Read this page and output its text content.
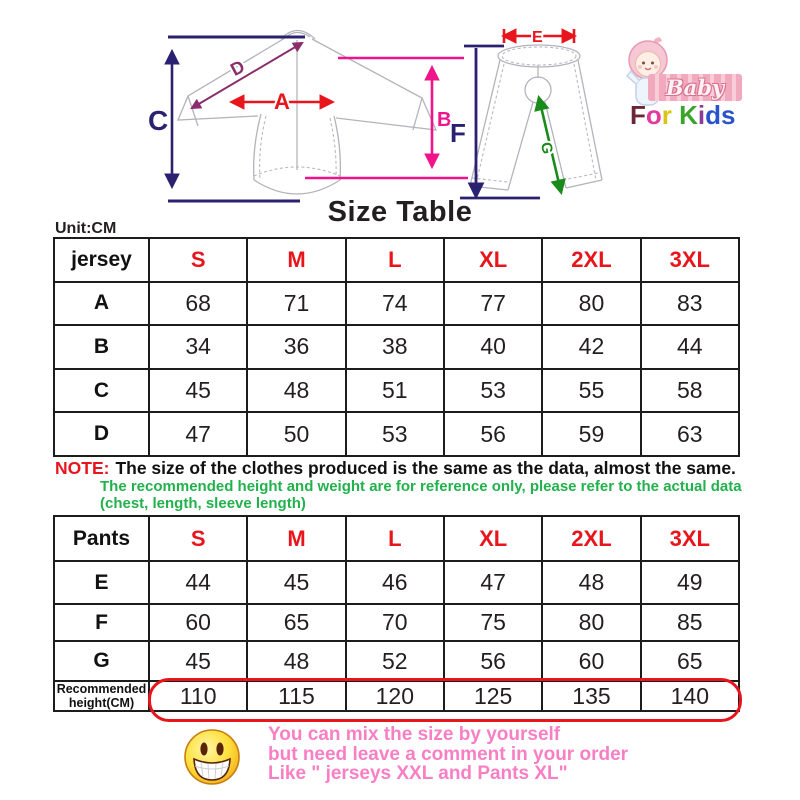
A
B
C
D
E
F
G
Baby
For Kids
Size Table
Unit:CM
jersey	S	M	L	XL	2XL	3XL
A	68	71	74	77	80	83
B	34	36	38	40	42	44
C	45	48	51	53	55	58
D	47	50	53	56	59	63
NOTE: The size of the clothes produced is the same as the data, almost the same.
The recommended height and weight are for reference only, please refer to the actual data
(chest, length, sleeve length)
Pants	S	M	L	XL	2XL	3XL
E	44	45	46	47	48	49
F	60	65	70	75	80	85
G	45	48	52	56	60	65

Recommended
height(CM)	110	115	120	125	135	140
You can mix the size by yourself
but need leave a comment in your order
Like " jerseys XXL and Pants XL"
